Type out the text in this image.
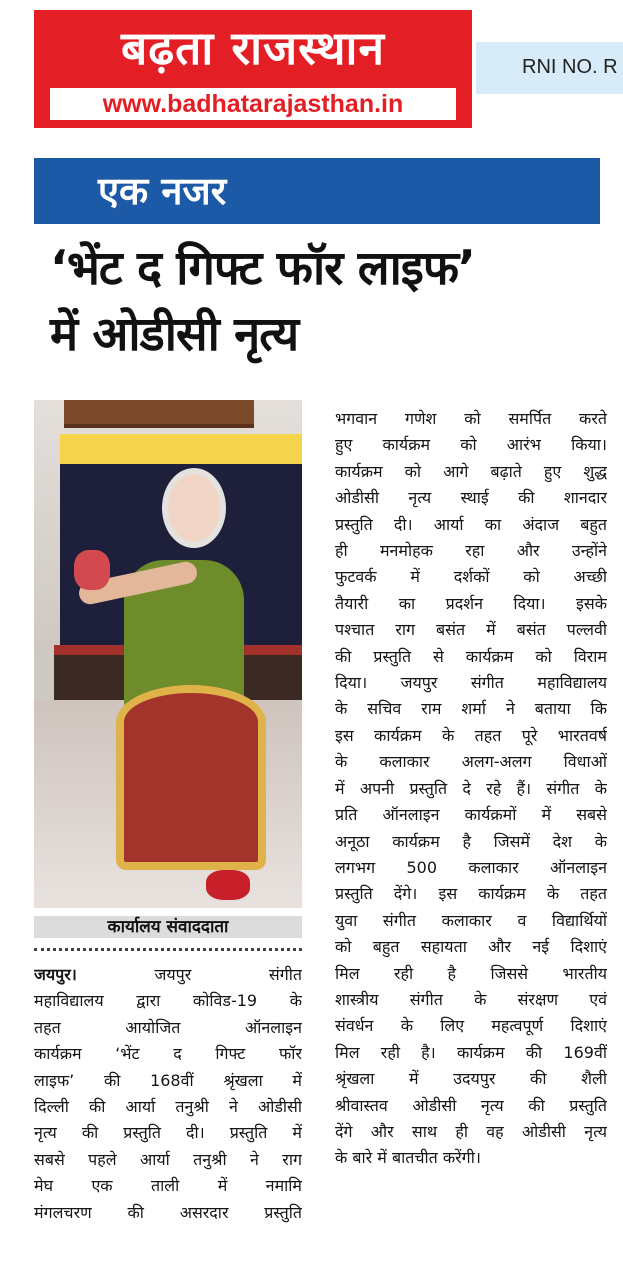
बढ़ता राजस्थान
www.badhatarajasthan.in
RNI NO. R
एक नजर
‘भेंट द गिफ्ट फॉर लाइफ’
में ओडीसी नृत्य
कार्यालय संवाददाता
जयपुर। जयपुर संगीत
महाविद्यालय द्वारा कोविड-19 के
तहत आयोजित ऑनलाइन
कार्यक्रम ‘भेंट द गिफ्ट फॉर
लाइफ’ की 168वीं श्रृंखला में
दिल्ली की आर्या तनुश्री ने ओडीसी
नृत्य की प्रस्तुति दी। प्रस्तुति में
सबसे पहले आर्या तनुश्री ने राग
मेघ एक ताली में नमामि
मंगलचरण की असरदार प्रस्तुति
भगवान गणेश को समर्पित करते
हुए कार्यक्रम को आरंभ किया।
कार्यक्रम को आगे बढ़ाते हुए शुद्ध
ओडीसी नृत्य स्थाई की शानदार
प्रस्तुति दी। आर्या का अंदाज बहुत
ही मनमोहक रहा और उन्होंने
फुटवर्क में दर्शकों को अच्छी
तैयारी का प्रदर्शन दिया। इसके
पश्चात राग बसंत में बसंत पल्लवी
की प्रस्तुति से कार्यक्रम को विराम
दिया। जयपुर संगीत महाविद्यालय
के सचिव राम शर्मा ने बताया कि
इस कार्यक्रम के तहत पूरे भारतवर्ष
के कलाकार अलग-अलग विधाओं
में अपनी प्रस्तुति दे रहे हैं। संगीत के
प्रति ऑनलाइन कार्यक्रमों में सबसे
अनूठा कार्यक्रम है जिसमें देश के
लगभग 500 कलाकार ऑनलाइन
प्रस्तुति देंगे। इस कार्यक्रम के तहत
युवा संगीत कलाकार व विद्यार्थियों
को बहुत सहायता और नई दिशाएं
मिल रही है जिससे भारतीय
शास्त्रीय संगीत के संरक्षण एवं
संवर्धन के लिए महत्वपूर्ण दिशाएं
मिल रही है। कार्यक्रम की 169वीं
श्रृंखला में उदयपुर की शैली
श्रीवास्तव ओडीसी नृत्य की प्रस्तुति
देंगे और साथ ही वह ओडीसी नृत्य
के बारे में बातचीत करेंगी।
